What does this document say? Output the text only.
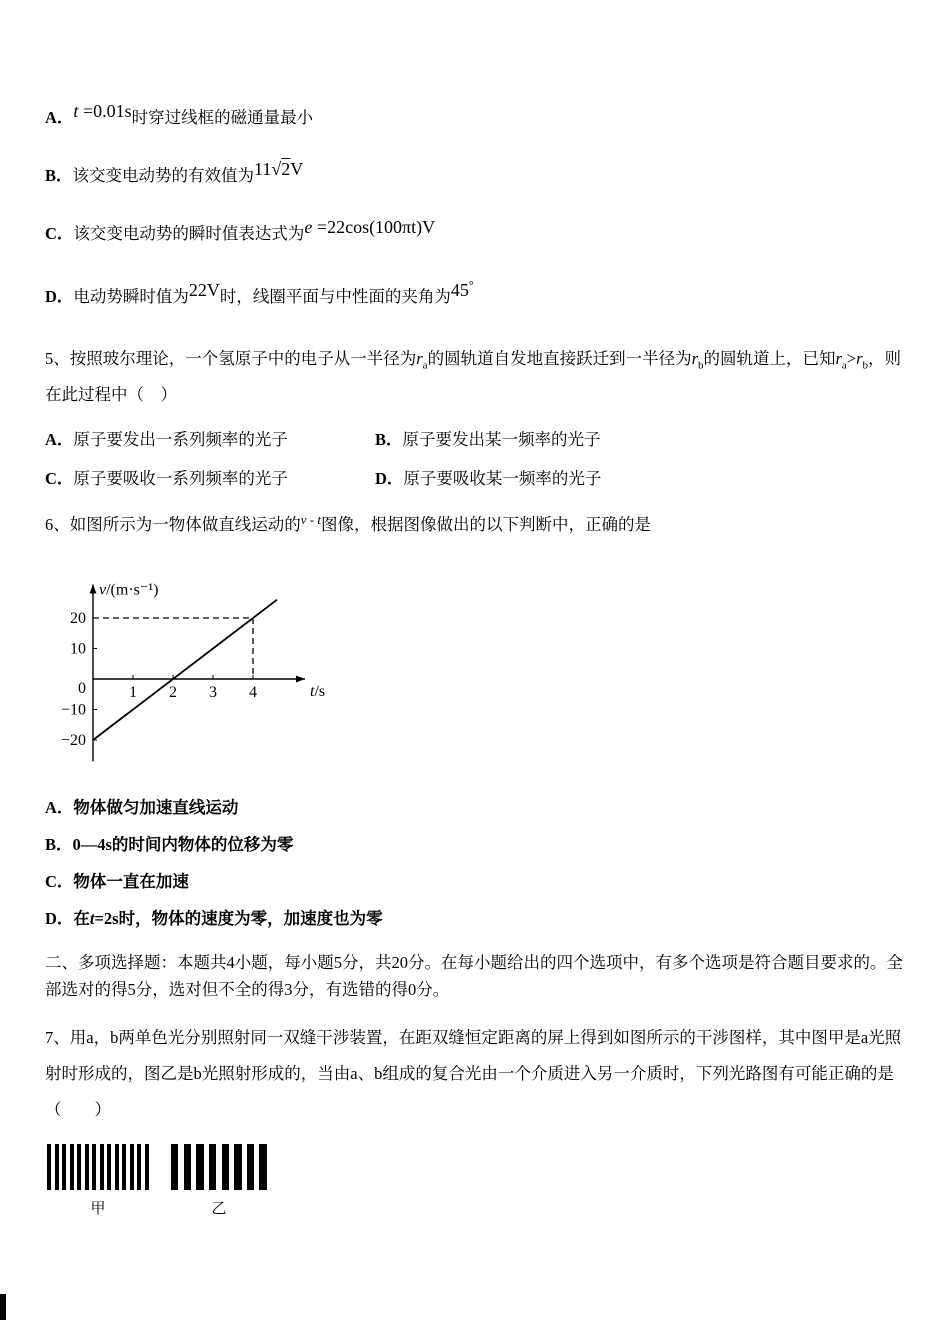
A．t =0.01s时穿过线框的磁通量最小
B．该交变电动势的有效值为11√2V
C．该交变电动势的瞬时值表达式为e =22cos(100πt)V
D．电动势瞬时值为22V时，线圈平面与中性面的夹角为45°

5、按照玻尔理论，一个氢原子中的电子从一半径为$r_a$的圆轨道自发地直接跃迁到一半径为$r_b$的圆轨道上，已知$r_a>r_b$，则在此过程中（　）

A．原子要发出一系列频率的光子	B．原子要发出某一频率的光子
C．原子要吸收一系列频率的光子	D．原子要吸收某一频率的光子

6、如图所示为一物体做直线运动的$^{v - t}$图像，根据图像做出的以下判断中，正确的是

1 2 3 4
20
10
−10
−20
0
v/(m·s⁻¹)
t/s
A．物体做匀加速直线运动
B．0—4s的时间内物体的位移为零
C．物体一直在加速
D．在t=2s时，物体的速度为零，加速度也为零

二、多项选择题：本题共4小题，每小题5分，共20分。在每小题给出的四个选项中，有多个选项是符合题目要求的。全部选对的得5分，选对但不全的得3分，有选错的得0分。

7、用a，b两单色光分别照射同一双缝干涉装置，在距双缝恒定距离的屏上得到如图所示的干涉图样，其中图甲是a光照射时形成的，图乙是b光照射形成的，当由a、b组成的复合光由一个介质进入另一介质时，下列光路图有可能正确的是（　　）

甲	乙
